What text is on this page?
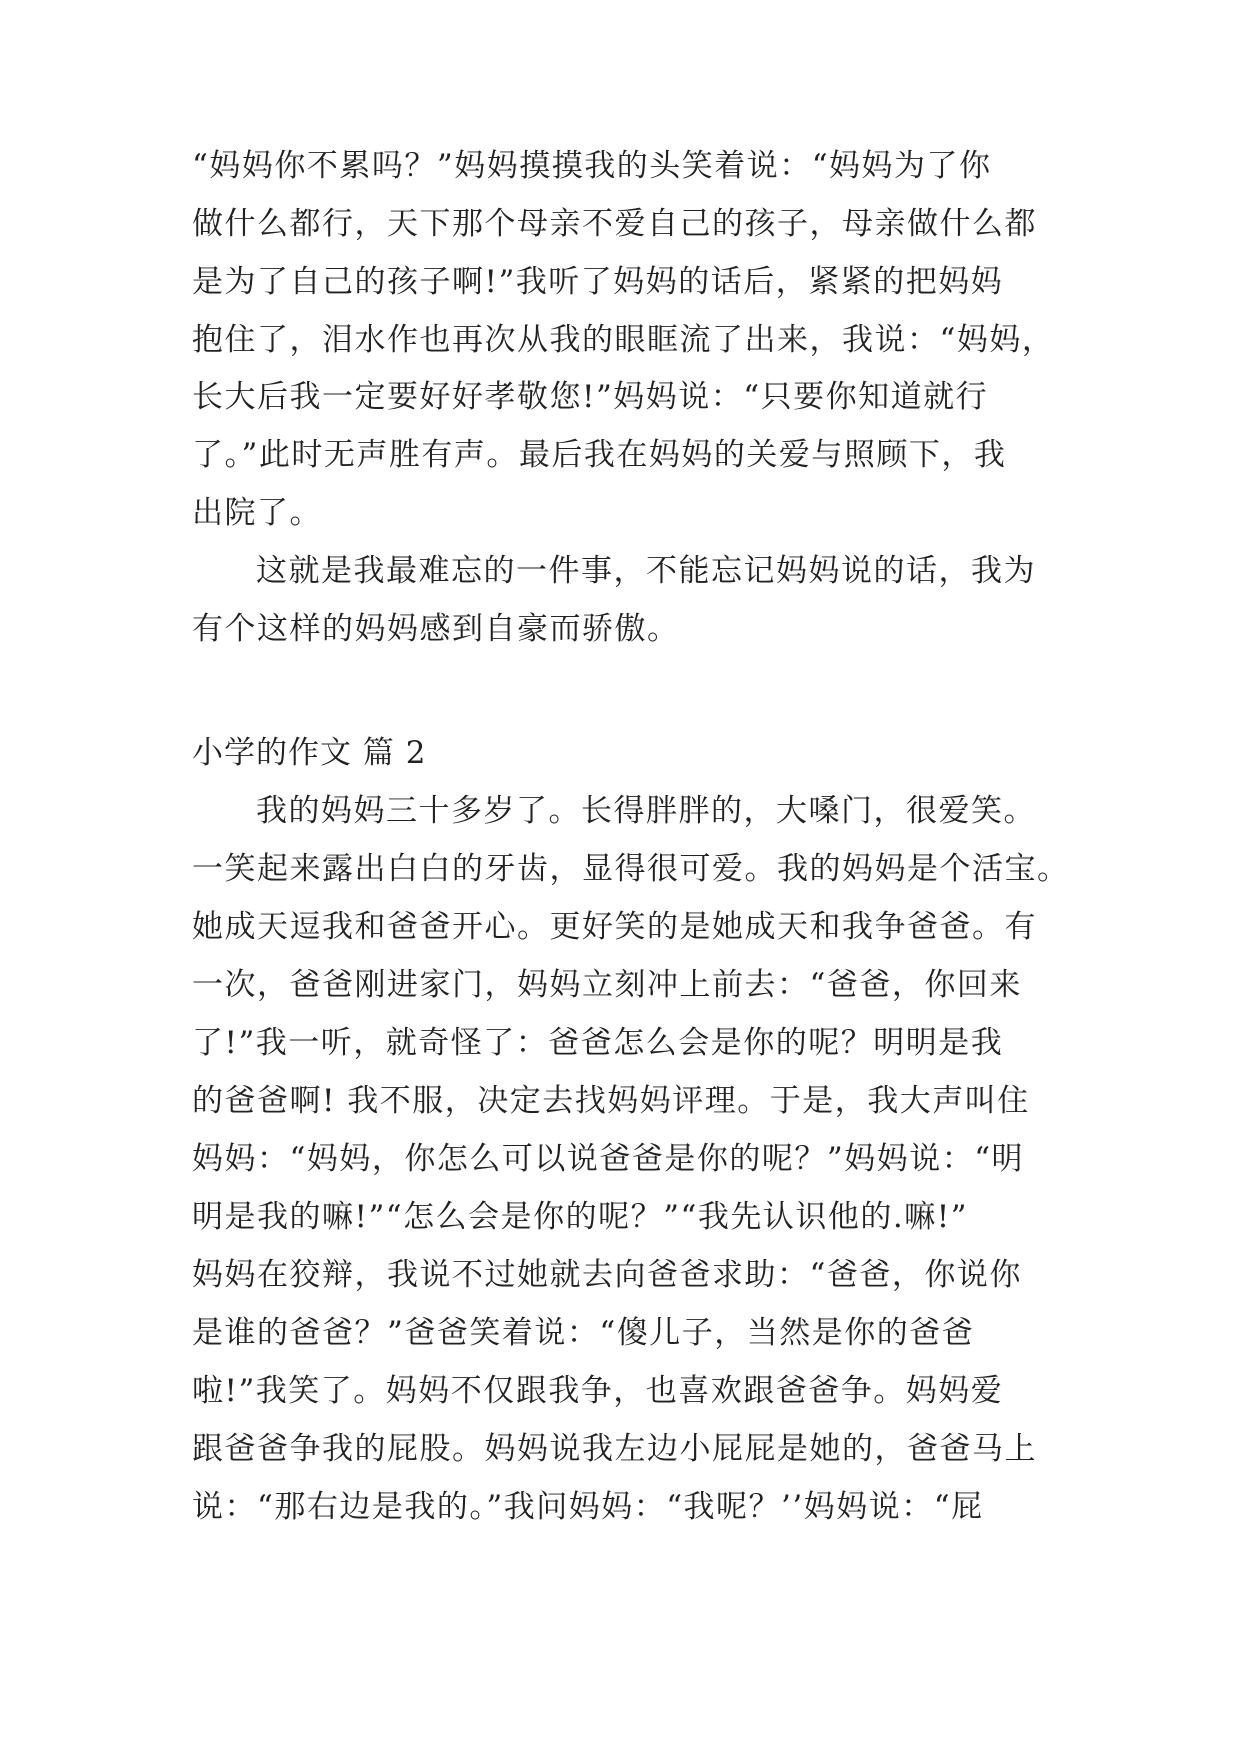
“妈妈你不累吗？”妈妈摸摸我的头笑着说：“妈妈为了你
做什么都行，天下那个母亲不爱自己的孩子，母亲做什么都
是为了自己的孩子啊!”我听了妈妈的话后，紧紧的把妈妈
抱住了，泪水作也再次从我的眼眶流了出来，我说：“妈妈，
长大后我一定要好好孝敬您!”妈妈说：“只要你知道就行
了。”此时无声胜有声。最后我在妈妈的关爱与照顾下，我
出院了。
这就是我最难忘的一件事，不能忘记妈妈说的话，我为
有个这样的妈妈感到自豪而骄傲。
小学的作文 篇 2
我的妈妈三十多岁了。长得胖胖的，大嗓门，很爱笑。
一笑起来露出白白的牙齿，显得很可爱。我的妈妈是个活宝。
她成天逗我和爸爸开心。更好笑的是她成天和我争爸爸。有
一次，爸爸刚进家门，妈妈立刻冲上前去：“爸爸，你回来
了!”我一听，就奇怪了：爸爸怎么会是你的呢？明明是我
的爸爸啊! 我不服，决定去找妈妈评理。于是，我大声叫住
妈妈：“妈妈，你怎么可以说爸爸是你的呢？”妈妈说：“明
明是我的嘛!”“怎么会是你的呢？”“我先认识他的.嘛!”
妈妈在狡辩，我说不过她就去向爸爸求助：“爸爸，你说你
是谁的爸爸？”爸爸笑着说：“傻儿子，当然是你的爸爸
啦!”我笑了。妈妈不仅跟我争，也喜欢跟爸爸争。妈妈爱
跟爸爸争我的屁股。妈妈说我左边小屁屁是她的，爸爸马上
说：“那右边是我的。”我问妈妈：“我呢？’’妈妈说：“屁
